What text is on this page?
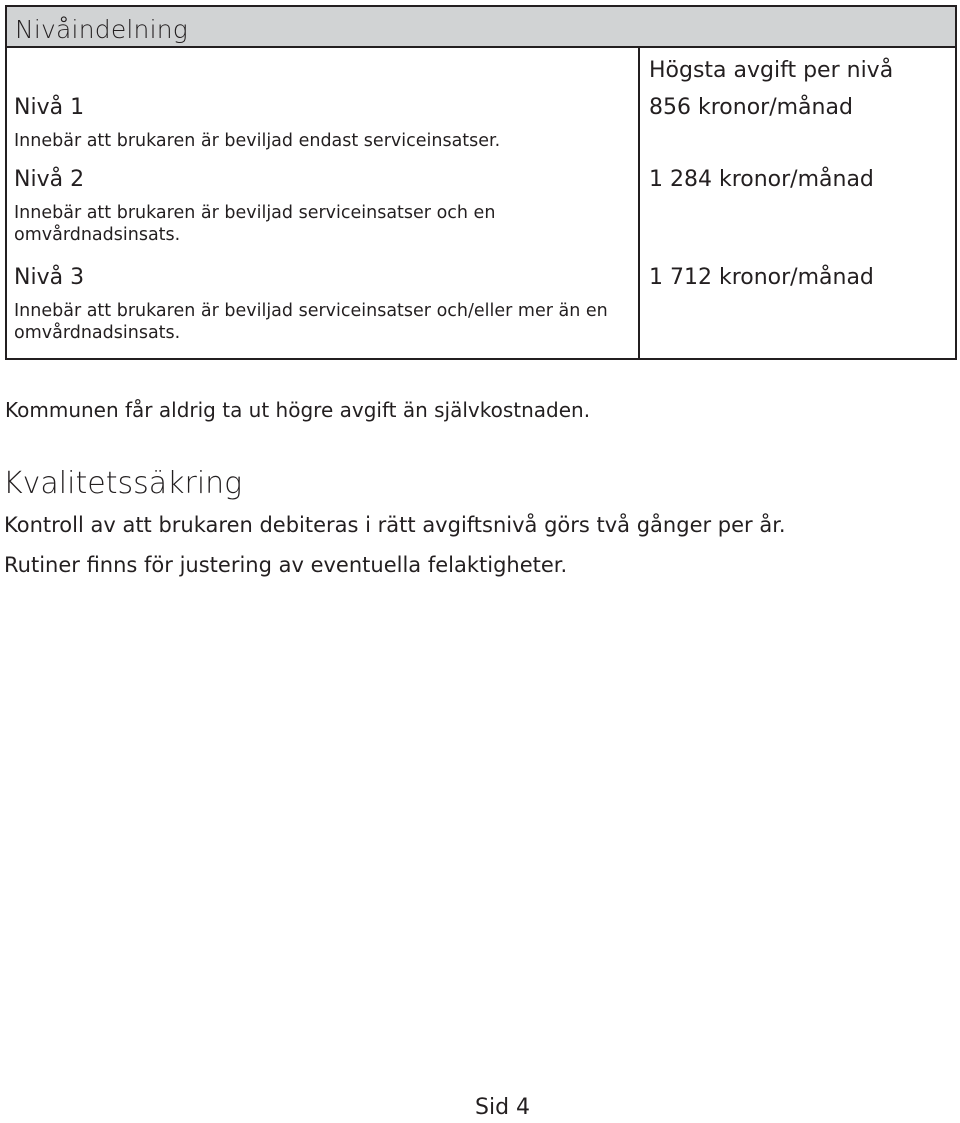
Nivåindelning
Högsta avgift per nivå
Nivå 1
Innebär att brukaren är beviljad endast serviceinsatser.
856 kronor/månad
Nivå 2
Innebär att brukaren är beviljad serviceinsatser och en omvårdnadsinsats.
1 284 kronor/månad
Nivå 3
Innebär att brukaren är beviljad serviceinsatser och/eller mer än en omvårdnadsinsats.
1 712 kronor/månad
Kommunen får aldrig ta ut högre avgift än självkostnaden.
Kvalitetssäkring
Kontroll av att brukaren debiteras i rätt avgiftsnivå görs två gånger per år.
Rutiner finns för justering av eventuella felaktigheter.
Sid 4
